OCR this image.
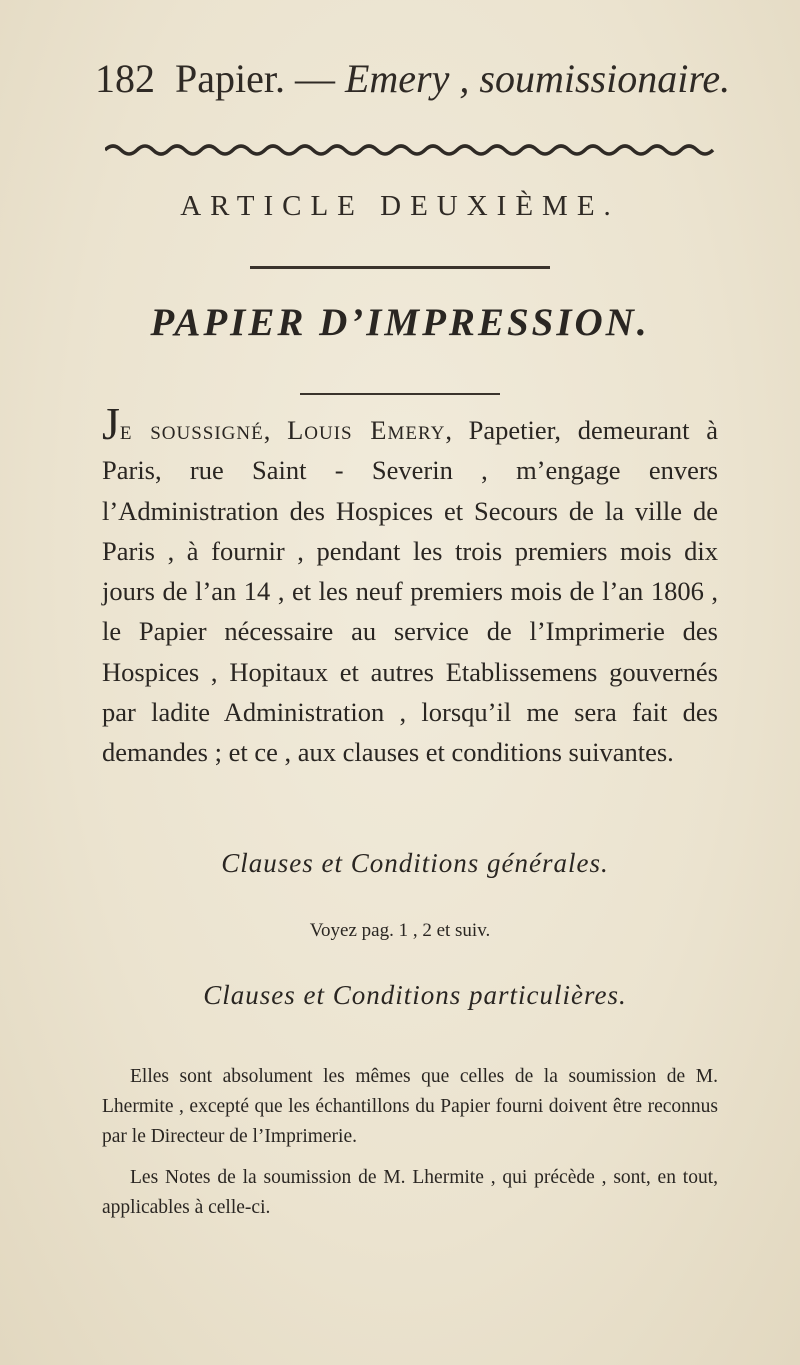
182 Papier. — Emery , soumissionaire.
ARTICLE DEUXIÈME.
PAPIER D’IMPRESSION.
Je soussigné, Louis Emery, Papetier, demeurant à Paris, rue Saint - Severin , m’engage envers l’Administration des Hospices et Secours de la ville de Paris , à fournir , pendant les trois premiers mois dix jours de l’an 14 , et les neuf premiers mois de l’an 1806 , le Papier nécessaire au service de l’Imprimerie des Hospices , Hopitaux et autres Etablissemens gouvernés par ladite Administration , lorsqu’il me sera fait des demandes ; et ce , aux clauses et conditions suivantes.
Clauses et Conditions générales.
Voyez pag. 1 , 2 et suiv.
Clauses et Conditions particulières.
Elles sont absolument les mêmes que celles de la soumission de M. Lhermite , excepté que les échantillons du Papier fourni doivent être reconnus par le Directeur de l’Imprimerie.
Les Notes de la soumission de M. Lhermite , qui précède , sont, en tout, applicables à celle-ci.
